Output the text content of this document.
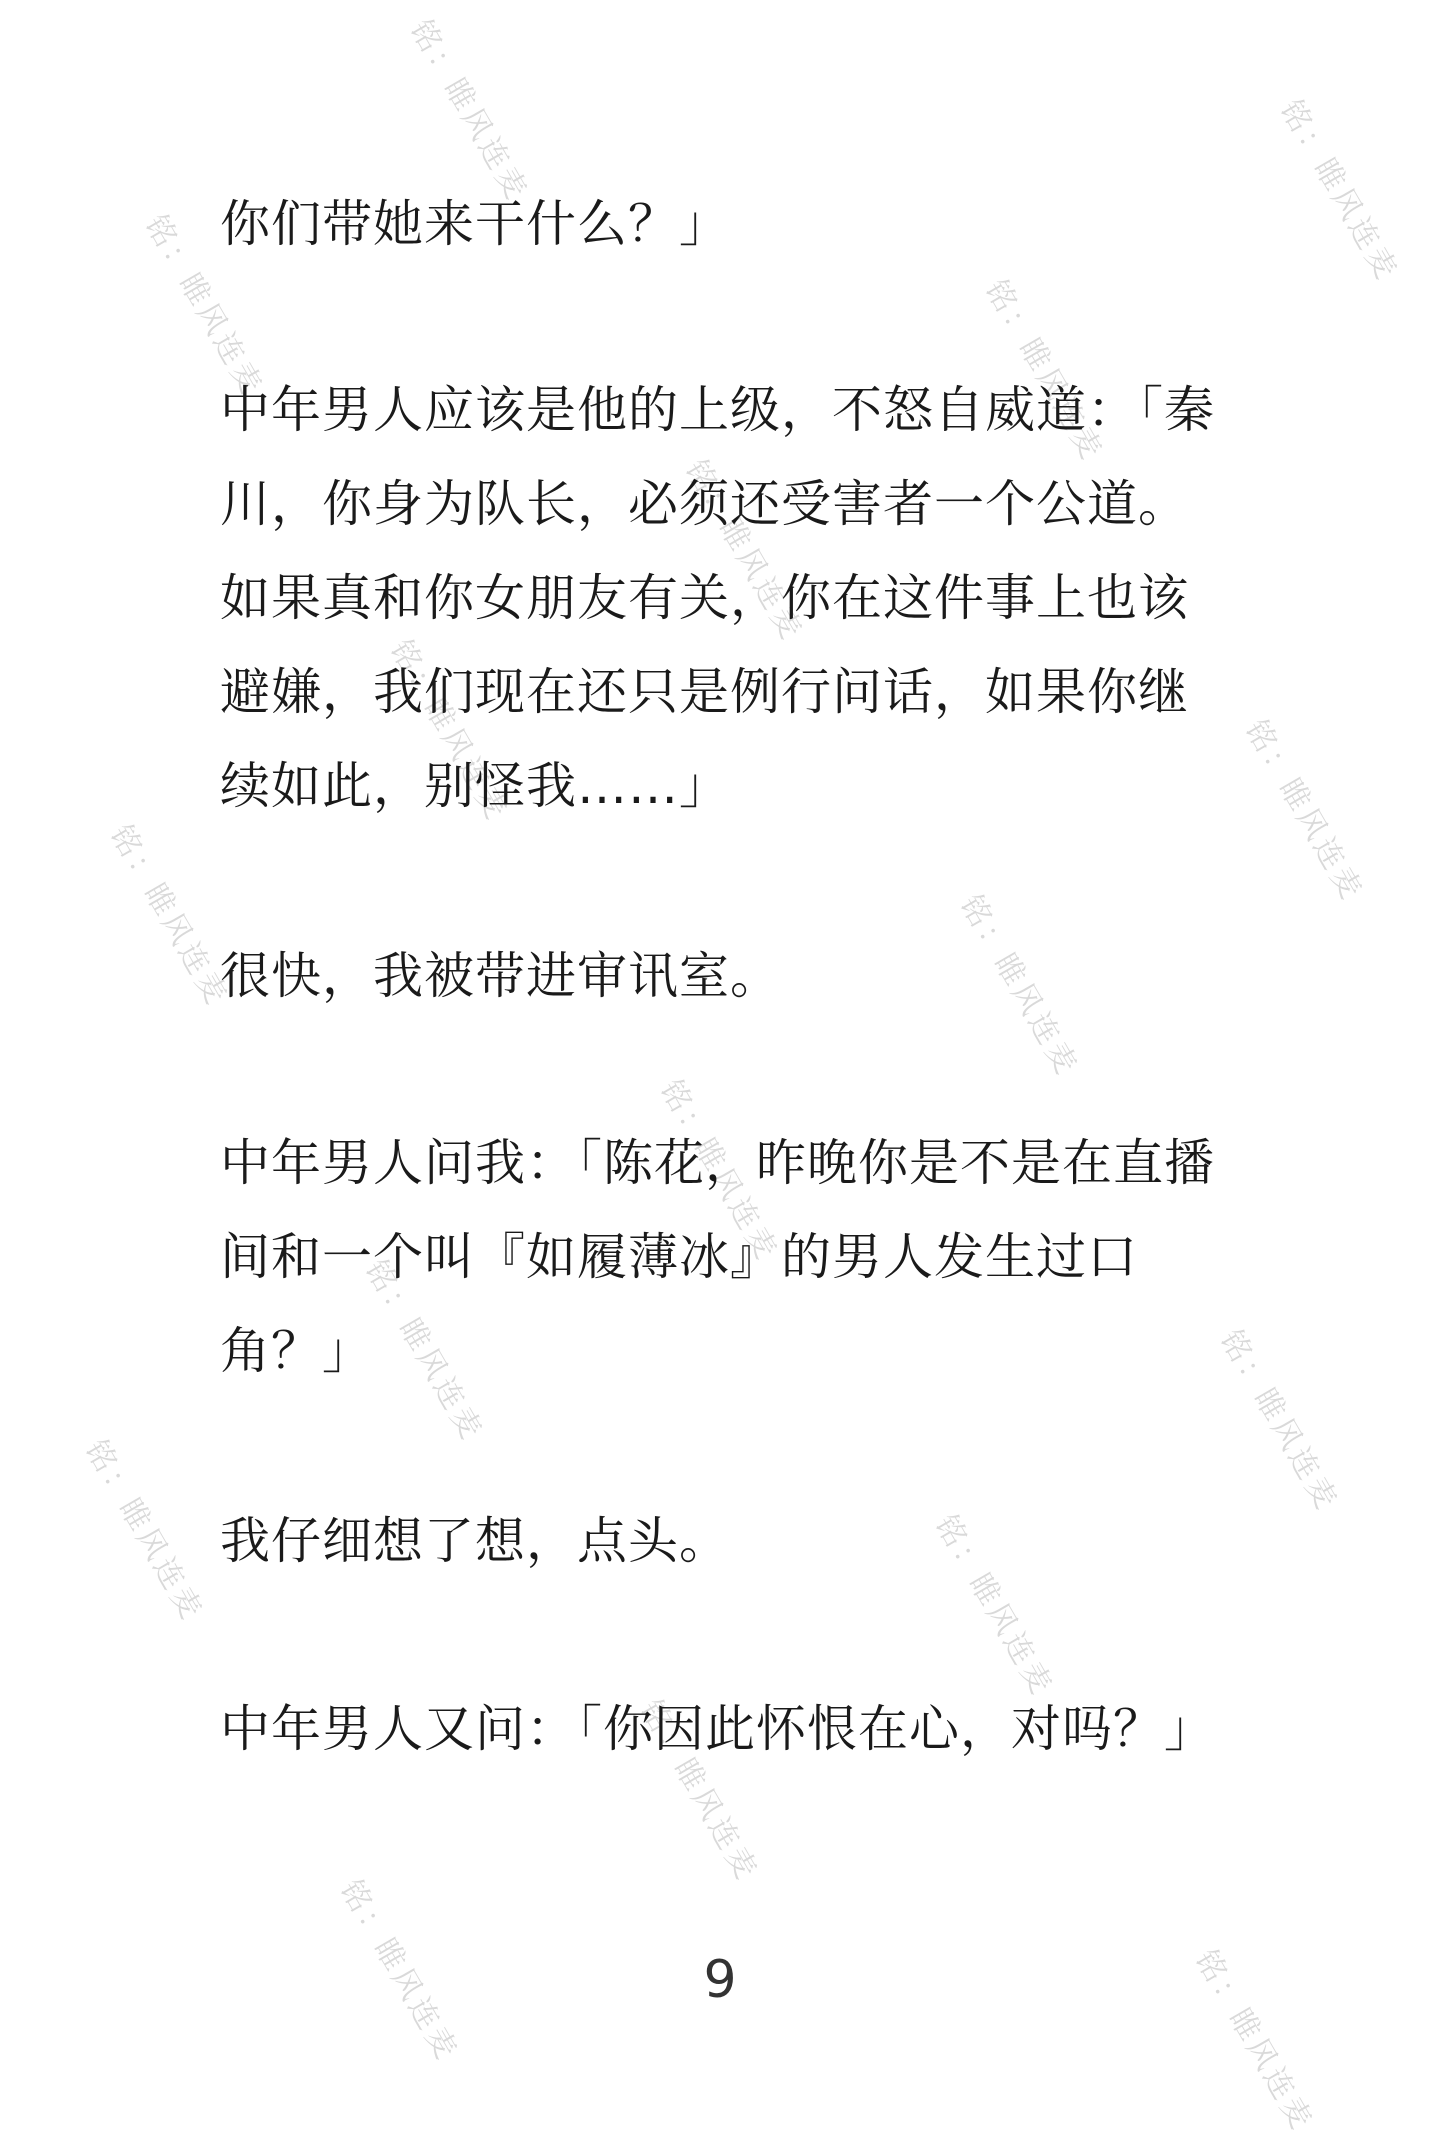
铭：睢风连麦	铭：睢风连麦
铭：睢风连麦	铭：睢风连麦
铭：睢风连麦
铭：睢风连麦	铭：睢风连麦
铭：睢风连麦	铭：睢风连麦
铭：睢风连麦
铭：睢风连麦	铭：睢风连麦
铭：睢风连麦	铭：睢风连麦
铭：睢风连麦
铭：睢风连麦	铭：睢风连麦
你们带她来干什么？」
中年男人应该是他的上级，不怒自威道：「秦川，你身为队长，必须还受害者一个公道。如果真和你女朋友有关，你在这件事上也该避嫌，我们现在还只是例行问话，如果你继续如此，别怪我……」
很快，我被带进审讯室。
中年男人问我：「陈花，昨晚你是不是在直播间和一个叫『如履薄冰』的男人发生过口角？」
我仔细想了想，点头。
中年男人又问：「你因此怀恨在心，对吗？」
9
